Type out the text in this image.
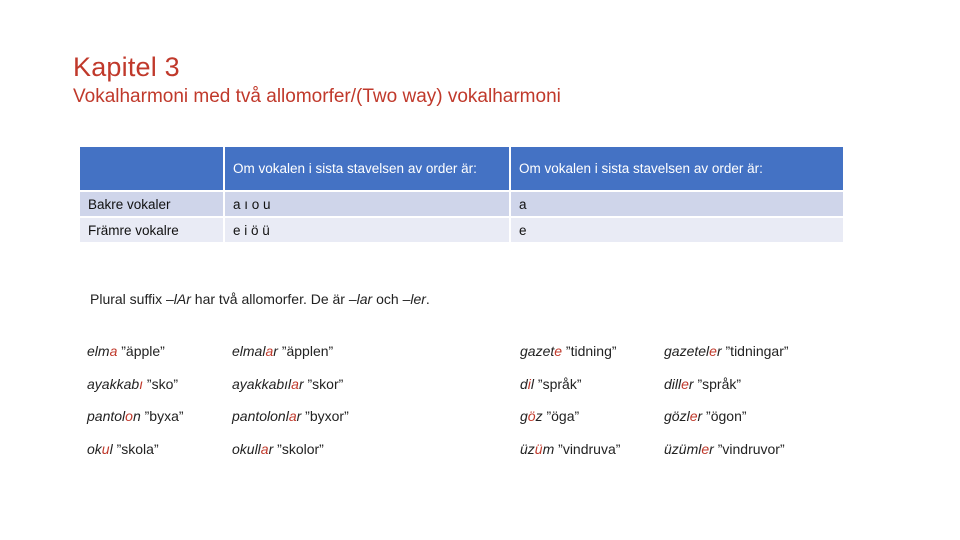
Kapitel 3
Vokalharmoni med två allomorfer/(Two way) vokalharmoni
	Om vokalen i sista stavelsen av order är:	Om vokalen i sista stavelsen av order är:
Bakre vokaler	a ı o u	a
Främre vokalre	e i ö ü	e

Plural suffix –lAr har två allomorfer. De är –lar och –ler.

elma ”äpple”	elmalar ”äpplen”	gazete ”tidning”	gazeteler ”tidningar”
ayakkabı ”sko”	ayakkabılar ”skor”	dil ”språk”	diller ”språk”
pantolon ”byxa”	pantolonlar ”byxor”	göz ”öga”	gözler ”ögon”
okul ”skola”	okullar ”skolor”	üzüm ”vindruva”	üzümler ”vindruvor”
